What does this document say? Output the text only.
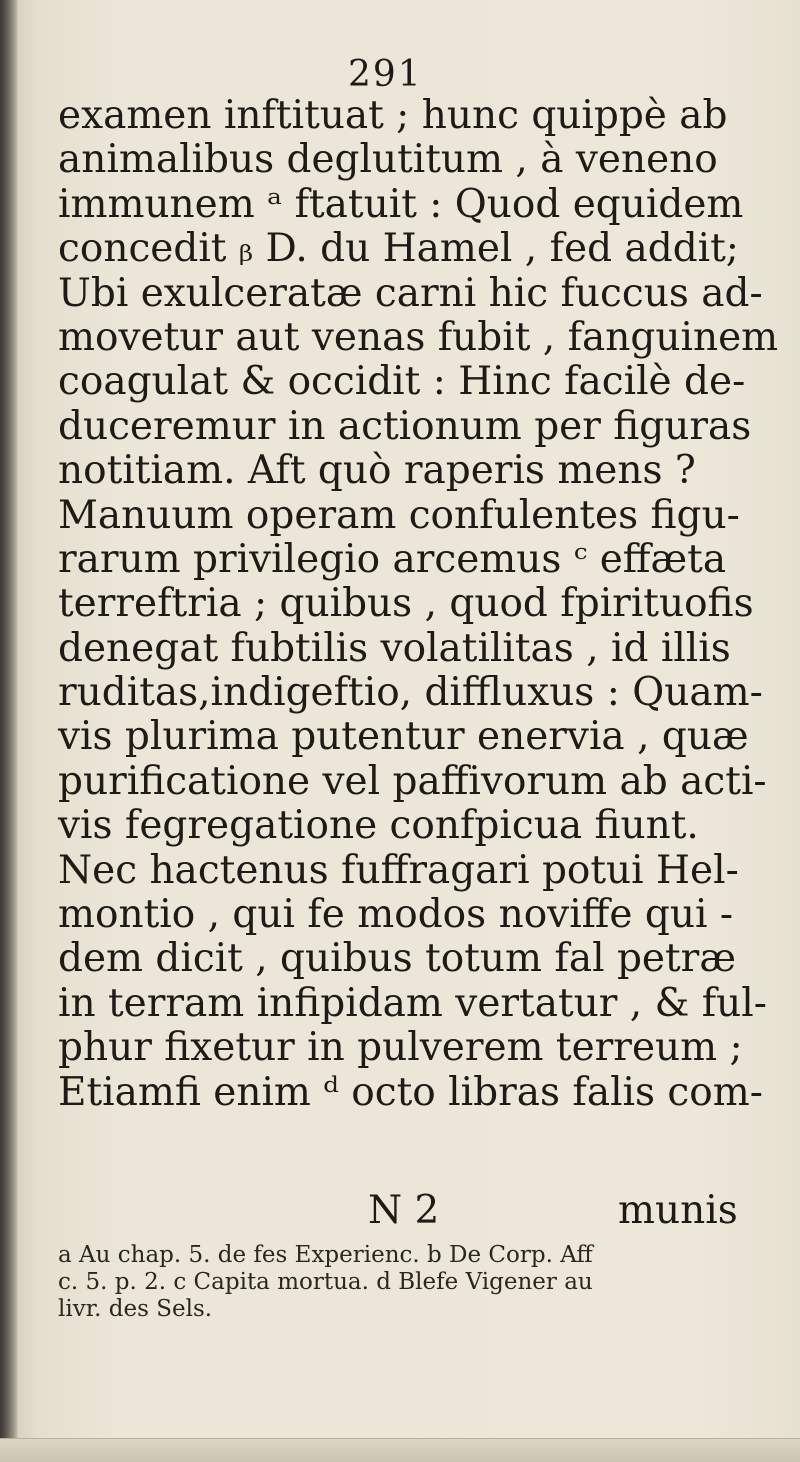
291
examen inftituat ; hunc quippè ab
animalibus deglutitum , à veneno
immunem ᵃ ftatuit : Quod equidem
concedit ᵦ D. du Hamel , fed addit;
Ubi exulceratæ carni hic fuccus ad-
movetur aut venas fubit , fanguinem
coagulat & occidit : Hinc facilè de-
duceremur in actionum per figuras
notitiam. Aft quò raperis mens ?
Manuum operam confulentes figu-
rarum privilegio arcemus ᶜ effæta
terreftria ; quibus , quod fpirituofis
denegat fubtilis volatilitas , id illis
ruditas,indigeftio, diffluxus : Quam-
vis plurima putentur enervia , quæ
purificatione vel paffivorum ab acti-
vis fegregatione confpicua fiunt.
Nec hactenus fuffragari potui Hel-
montio , qui fe modos noviffe qui -
dem dicit , quibus totum fal petræ
in terram infipidam vertatur , & ful-
phur fixetur in pulverem terreum ;
Etiamfi enim ᵈ octo libras falis com-
N 2	munis
a Au chap. 5. de fes Experienc. b De Corp. Aff
c. 5. p. 2. c Capita mortua. d Blefe Vigener au
livr. des Sels.
